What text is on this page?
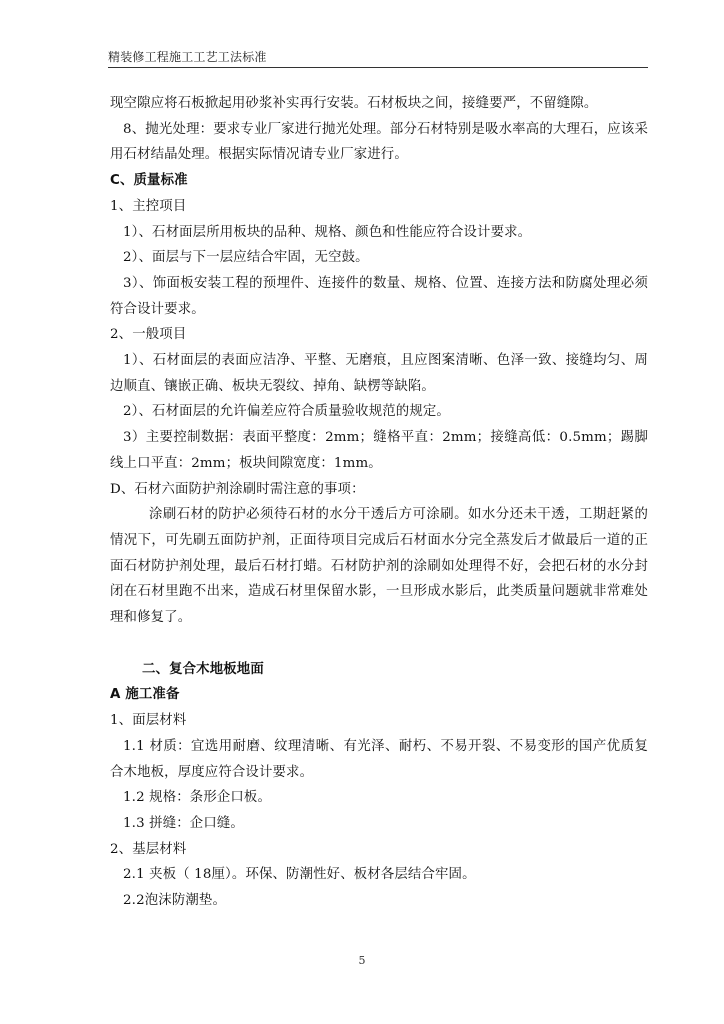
精装修工程施工工艺工法标准

现空隙应将石板掀起用砂浆补实再行安装。石材板块之间，接缝要严，不留缝隙。

8、抛光处理：要求专业厂家进行抛光处理。部分石材特别是吸水率高的大理石，应该采用石材结晶处理。根据实际情况请专业厂家进行。

C、质量标准

1、主控项目

1）、石材面层所用板块的品种、规格、颜色和性能应符合设计要求。

2）、面层与下一层应结合牢固，无空鼓。

3）、饰面板安装工程的预埋件、连接件的数量、规格、位置、连接方法和防腐处理必须符合设计要求。

2、一般项目

1）、石材面层的表面应洁净、平整、无磨痕，且应图案清晰、色泽一致、接缝均匀、周边顺直、镶嵌正确、板块无裂纹、掉角、缺楞等缺陷。

2）、石材面层的允许偏差应符合质量验收规范的规定。

3）主要控制数据：表面平整度：2mm；缝格平直：2mm；接缝高低：0.5mm；踢脚线上口平直：2mm；板块间隙宽度：1mm。

D、石材六面防护剂涂刷时需注意的事项：

涂刷石材的防护必须待石材的水分干透后方可涂刷。如水分还未干透，工期赶紧的情况下，可先刷五面防护剂，正面待项目完成后石材面水分完全蒸发后才做最后一道的正面石材防护剂处理，最后石材打蜡。石材防护剂的涂刷如处理得不好，会把石材的水分封闭在石材里跑不出来，造成石材里保留水影，一旦形成水影后，此类质量问题就非常难处理和修复了。

二、复合木地板地面

A 施工准备

1、面层材料

1.1 材质：宜选用耐磨、纹理清晰、有光泽、耐朽、不易开裂、不易变形的国产优质复合木地板，厚度应符合设计要求。

1.2 规格：条形企口板。

1.3 拼缝：企口缝。

2、基层材料

2.1 夹板（ 18厘）。环保、防潮性好、板材各层结合牢固。

2.2泡沫防潮垫。

5
